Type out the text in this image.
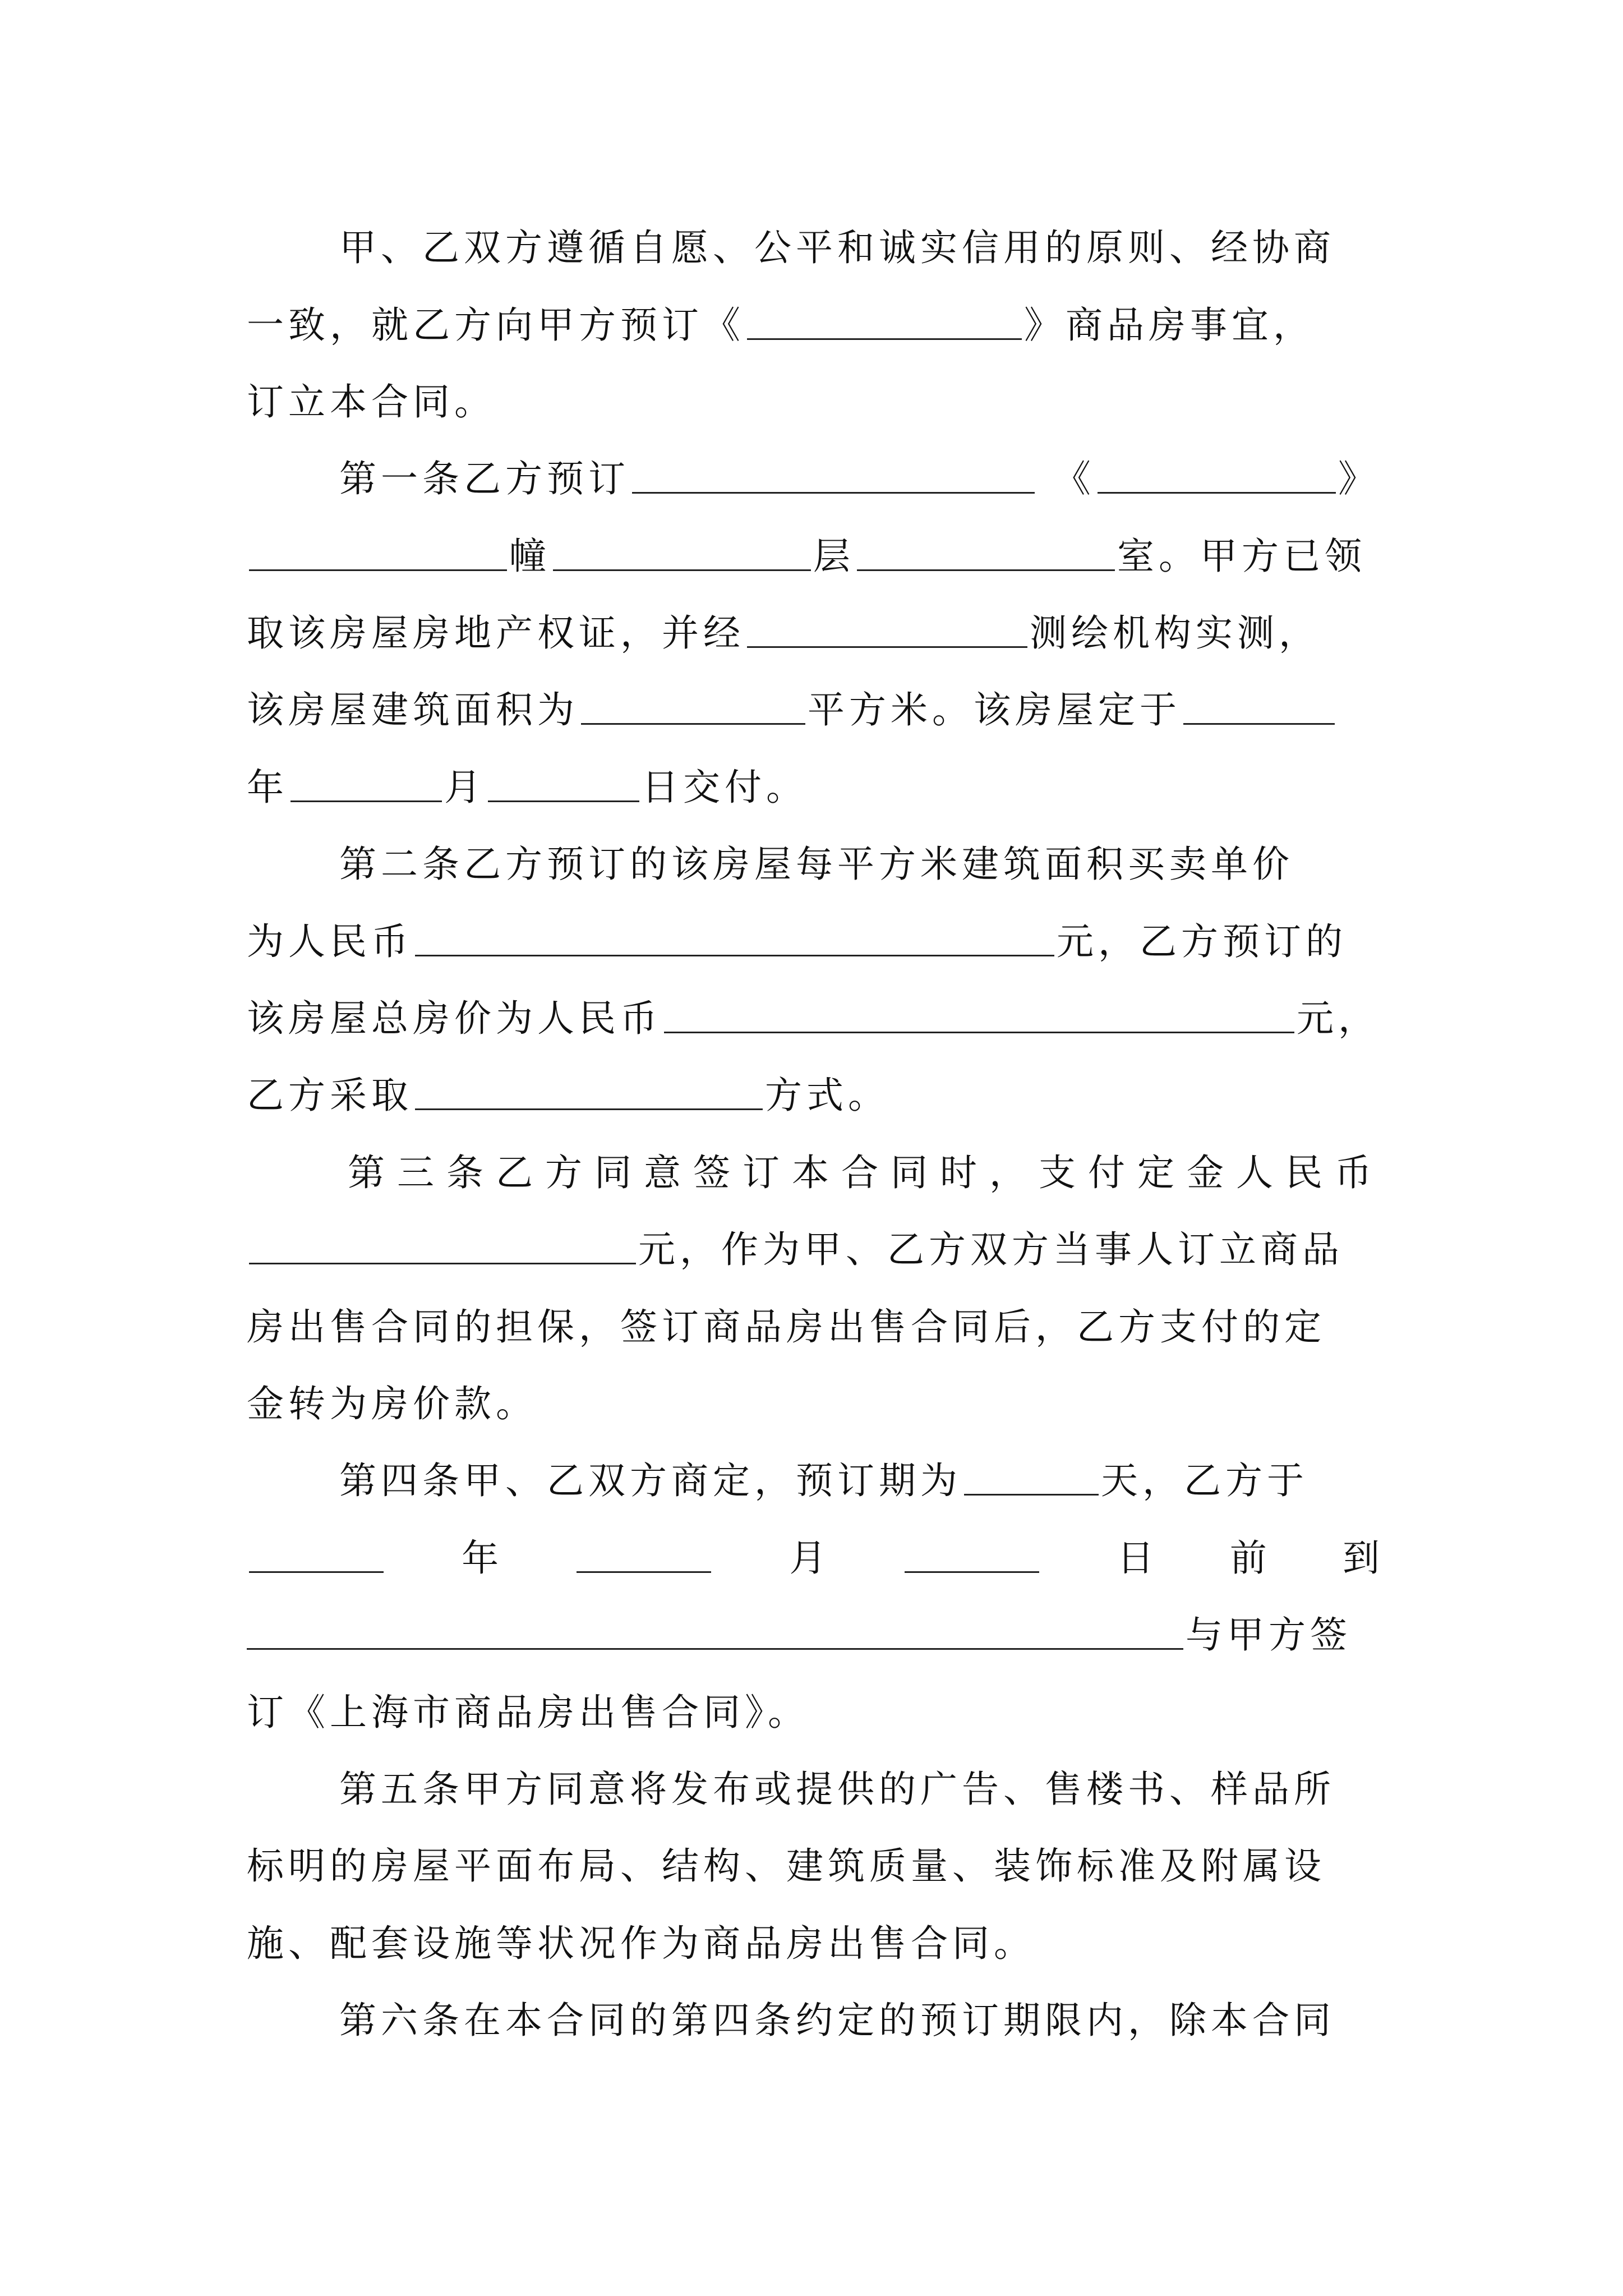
甲、乙双方遵循自愿、公平和诚实信用的原则、经协商
一致，就乙方向甲方预订《	》商品房事宜，
订立本合同。
第一条乙方预订	《	》
幢	层	室。甲方已领
取该房屋房地产权证，并经	测绘机构实测，
该房屋建筑面积为	平方米。该房屋定于
年	月	日交付。
第二条乙方预订的该房屋每平方米建筑面积买卖单价
为人民币	元，乙方预订的
该房屋总房价为人民币	元，
乙方采取	方式。
第三条乙方同意签订本合同时，支付定金人民币
元，作为甲、乙方双方当事人订立商品
房出售合同的担保，签订商品房出售合同后，乙方支付的定
金转为房价款。
第四条甲、乙双方商定，预订期为	天，乙方于
年	月	日 前 到
与甲方签
订《上海市商品房出售合同》。
第五条甲方同意将发布或提供的广告、售楼书、样品所
标明的房屋平面布局、结构、建筑质量、装饰标准及附属设
施、配套设施等状况作为商品房出售合同。
第六条在本合同的第四条约定的预订期限内，除本合同
